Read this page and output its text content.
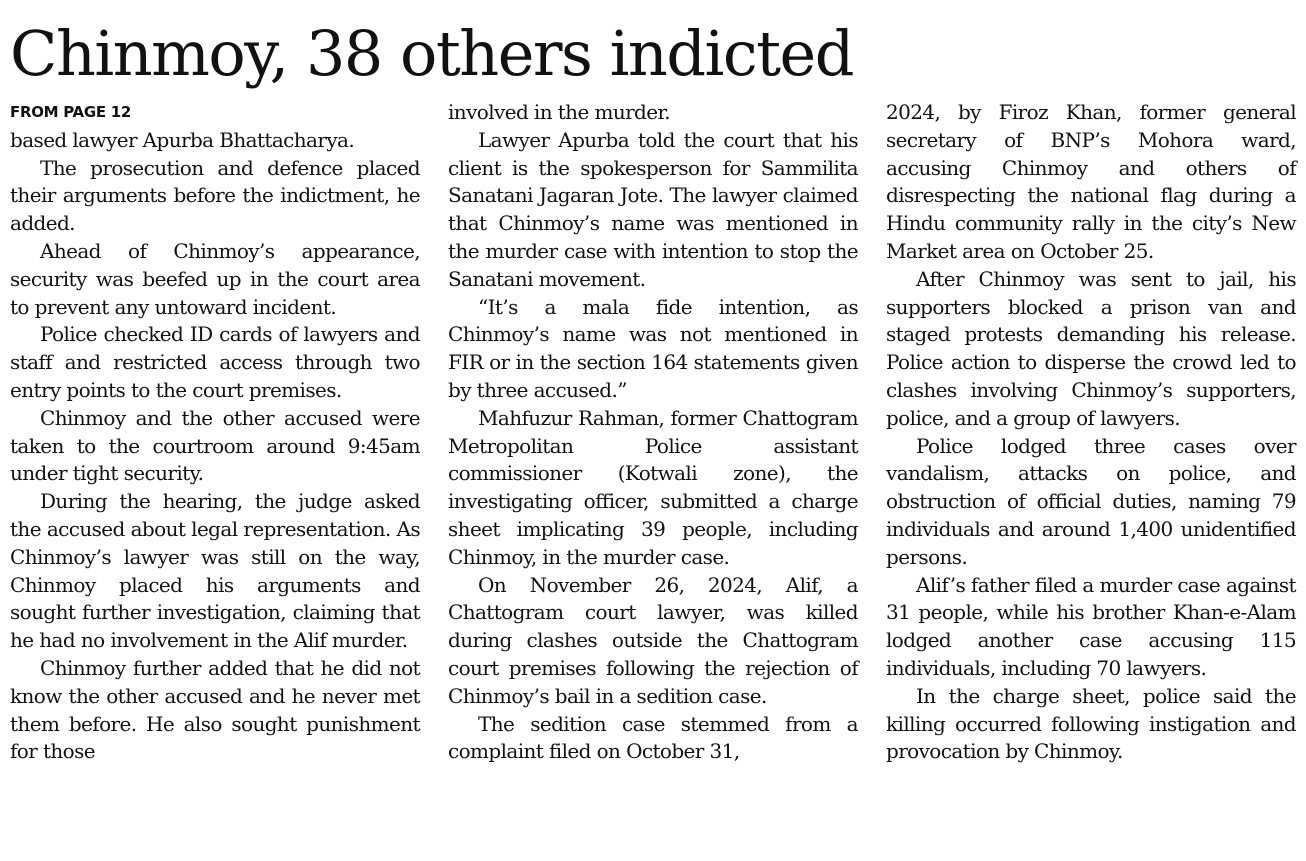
Chinmoy, 38 others indicted
FROM PAGE 12

based lawyer Apurba Bhattacharya.

The prosecution and defence placed their arguments before the indictment, he added.

Ahead of Chinmoy’s appearance, security was beefed up in the court area to prevent any untoward incident.

Police checked ID cards of lawyers and staff and restricted access through two entry points to the court premises.

Chinmoy and the other accused were taken to the courtroom around 9:45am under tight security.

During the hearing, the judge asked the accused about legal representation. As Chinmoy’s lawyer was still on the way, Chinmoy placed his arguments and sought further investigation, claiming that he had no involvement in the Alif murder.

Chinmoy further added that he did not know the other accused and he never met them before. He also sought punishment for those

involved in the murder.

Lawyer Apurba told the court that his client is the spokesperson for Sammilita Sanatani Jagaran Jote. The lawyer claimed that Chinmoy’s name was mentioned in the murder case with intention to stop the Sanatani movement.

“It’s a mala fide intention, as Chinmoy’s name was not mentioned in FIR or in the section 164 statements given by three accused.”

Mahfuzur Rahman, former Chattogram Metropolitan Police assistant commissioner (Kotwali zone), the investigating officer, submitted a charge sheet implicating 39 people, including Chinmoy, in the murder case.

On November 26, 2024, Alif, a Chattogram court lawyer, was killed during clashes outside the Chattogram court premises following the rejection of Chinmoy’s bail in a sedition case.

The sedition case stemmed from a complaint filed on October 31,

2024, by Firoz Khan, former general secretary of BNP’s Mohora ward, accusing Chinmoy and others of disrespecting the national flag during a Hindu community rally in the city’s New Market area on October 25.

After Chinmoy was sent to jail, his supporters blocked a prison van and staged protests demanding his release. Police action to disperse the crowd led to clashes involving Chinmoy’s supporters, police, and a group of lawyers.

Police lodged three cases over vandalism, attacks on police, and obstruction of official duties, naming 79 individuals and around 1,400 unidentified persons.

Alif’s father filed a murder case against 31 people, while his brother Khan-e-Alam lodged another case accusing 115 individuals, including 70 lawyers.

In the charge sheet, police said the killing occurred following instigation and provocation by Chinmoy.
